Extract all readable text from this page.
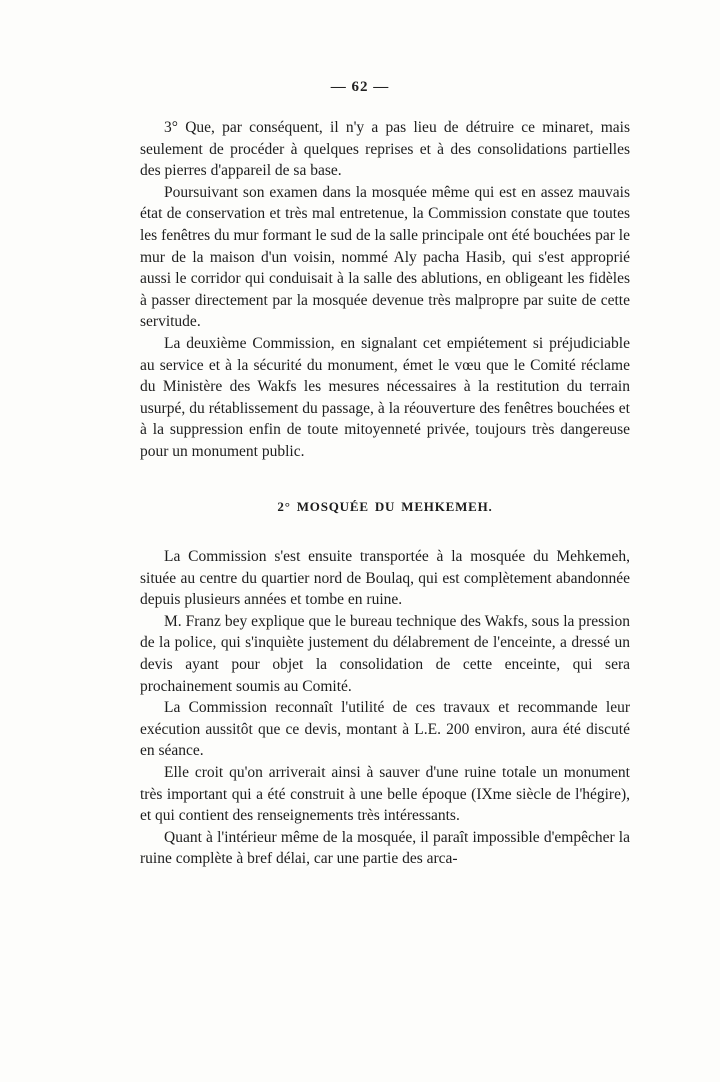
— 62 —

3° Que, par conséquent, il n'y a pas lieu de détruire ce minaret, mais seulement de procéder à quelques reprises et à des consolidations partielles des pierres d'appareil de sa base.

Poursuivant son examen dans la mosquée même qui est en assez mauvais état de conservation et très mal entretenue, la Commission constate que toutes les fenêtres du mur formant le sud de la salle principale ont été bouchées par le mur de la maison d'un voisin, nommé Aly pacha Hasib, qui s'est approprié aussi le corridor qui conduisait à la salle des ablutions, en obligeant les fidèles à passer directement par la mosquée devenue très malpropre par suite de cette servitude.

La deuxième Commission, en signalant cet empiétement si préjudiciable au service et à la sécurité du monument, émet le vœu que le Comité réclame du Ministère des Wakfs les mesures nécessaires à la restitution du terrain usurpé, du rétablissement du passage, à la réouverture des fenêtres bouchées et à la suppression enfin de toute mitoyenneté privée, toujours très dangereuse pour un monument public.

2° MOSQUÉE DU MEHKEMEH.

La Commission s'est ensuite transportée à la mosquée du Mehkemeh, située au centre du quartier nord de Boulaq, qui est complètement abandonnée depuis plusieurs années et tombe en ruine.

M. Franz bey explique que le bureau technique des Wakfs, sous la pression de la police, qui s'inquiète justement du délabrement de l'enceinte, a dressé un devis ayant pour objet la consolidation de cette enceinte, qui sera prochainement soumis au Comité.

La Commission reconnaît l'utilité de ces travaux et recommande leur exécution aussitôt que ce devis, montant à L.E. 200 environ, aura été discuté en séance.

Elle croit qu'on arriverait ainsi à sauver d'une ruine totale un monument très important qui a été construit à une belle époque (IXme siècle de l'hégire), et qui contient des renseignements très intéressants.

Quant à l'intérieur même de la mosquée, il paraît impossible d'empêcher la ruine complète à bref délai, car une partie des arca-
